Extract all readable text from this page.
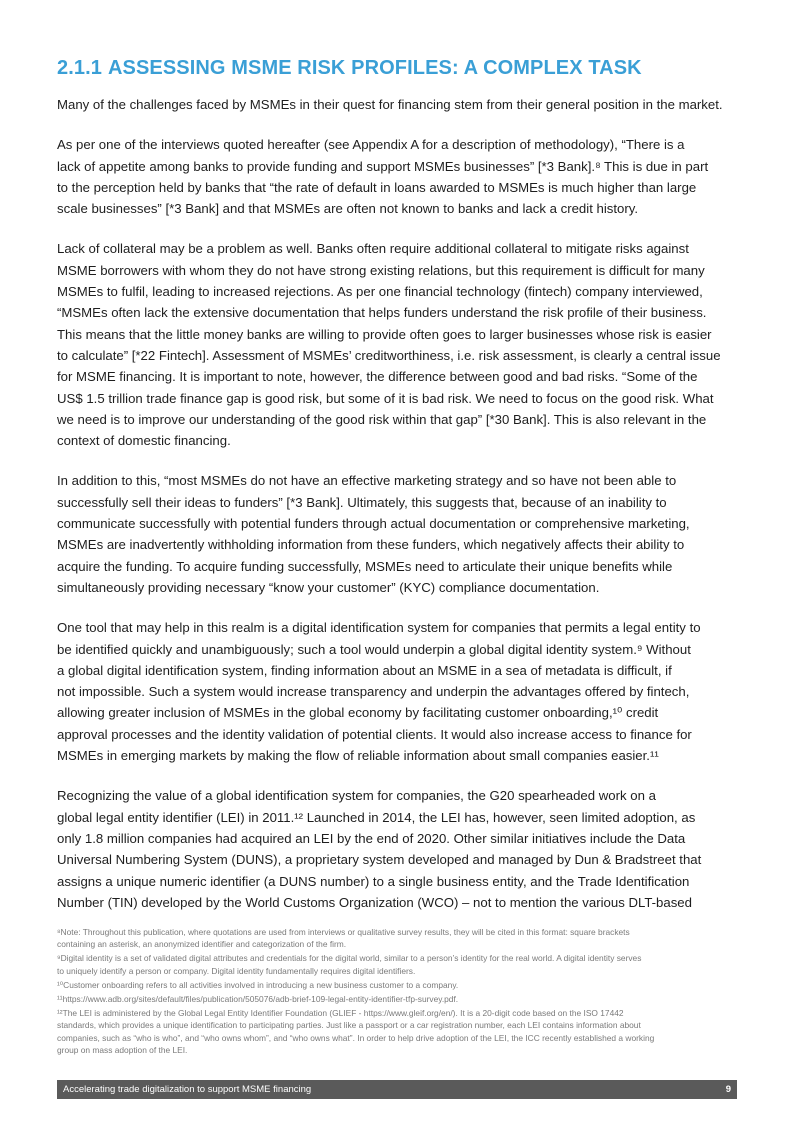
2.1.1 ASSESSING MSME RISK PROFILES: A COMPLEX TASK

Many of the challenges faced by MSMEs in their quest for financing stem from their general position in the market.

As per one of the interviews quoted hereafter (see Appendix A for a description of methodology), “There is a
lack of appetite among banks to provide funding and support MSMEs businesses” [*3 Bank].⁸ This is due in part
to the perception held by banks that “the rate of default in loans awarded to MSMEs is much higher than large
scale businesses” [*3 Bank] and that MSMEs are often not known to banks and lack a credit history.

Lack of collateral may be a problem as well. Banks often require additional collateral to mitigate risks against
MSME borrowers with whom they do not have strong existing relations, but this requirement is difficult for many
MSMEs to fulfil, leading to increased rejections. As per one financial technology (fintech) company interviewed,
“MSMEs often lack the extensive documentation that helps funders understand the risk profile of their business.
This means that the little money banks are willing to provide often goes to larger businesses whose risk is easier
to calculate” [*22 Fintech]. Assessment of MSMEs’ creditworthiness, i.e. risk assessment, is clearly a central issue
for MSME financing. It is important to note, however, the difference between good and bad risks. “Some of the
US$ 1.5 trillion trade finance gap is good risk, but some of it is bad risk. We need to focus on the good risk. What
we need is to improve our understanding of the good risk within that gap” [*30 Bank]. This is also relevant in the
context of domestic financing.

In addition to this, “most MSMEs do not have an effective marketing strategy and so have not been able to
successfully sell their ideas to funders” [*3 Bank]. Ultimately, this suggests that, because of an inability to
communicate successfully with potential funders through actual documentation or comprehensive marketing,
MSMEs are inadvertently withholding information from these funders, which negatively affects their ability to
acquire the funding. To acquire funding successfully, MSMEs need to articulate their unique benefits while
simultaneously providing necessary “know your customer” (KYC) compliance documentation.

One tool that may help in this realm is a digital identification system for companies that permits a legal entity to
be identified quickly and unambiguously; such a tool would underpin a global digital identity system.⁹ Without
a global digital identification system, finding information about an MSME in a sea of metadata is difficult, if
not impossible. Such a system would increase transparency and underpin the advantages offered by fintech,
allowing greater inclusion of MSMEs in the global economy by facilitating customer onboarding,¹⁰ credit
approval processes and the identity validation of potential clients. It would also increase access to finance for
MSMEs in emerging markets by making the flow of reliable information about small companies easier.¹¹

Recognizing the value of a global identification system for companies, the G20 spearheaded work on a
global legal entity identifier (LEI) in 2011.¹² Launched in 2014, the LEI has, however, seen limited adoption, as
only 1.8 million companies had acquired an LEI by the end of 2020. Other similar initiatives include the Data
Universal Numbering System (DUNS), a proprietary system developed and managed by Dun & Bradstreet that
assigns a unique numeric identifier (a DUNS number) to a single business entity, and the Trade Identification
Number (TIN) developed by the World Customs Organization (WCO) – not to mention the various DLT-based

⁸Note: Throughout this publication, where quotations are used from interviews or qualitative survey results, they will be cited in this format: square brackets
containing an asterisk, an anonymized identifier and categorization of the firm.
⁹Digital identity is a set of validated digital attributes and credentials for the digital world, similar to a person’s identity for the real world. A digital identity serves
to uniquely identify a person or company. Digital identity fundamentally requires digital identifiers.
¹⁰Customer onboarding refers to all activities involved in introducing a new business customer to a company.
¹¹https://www.adb.org/sites/default/files/publication/505076/adb-brief-109-legal-entity-identifier-tfp-survey.pdf.
¹²The LEI is administered by the Global Legal Entity Identifier Foundation (GLIEF - https://www.gleif.org/en/). It is a 20-digit code based on the ISO 17442
standards, which provides a unique identification to participating parties. Just like a passport or a car registration number, each LEI contains information about
companies, such as “who is who”, and “who owns whom”, and “who owns what”. In order to help drive adoption of the LEI, the ICC recently established a working
group on mass adoption of the LEI.
Accelerating trade digitalization to support MSME financing	9
